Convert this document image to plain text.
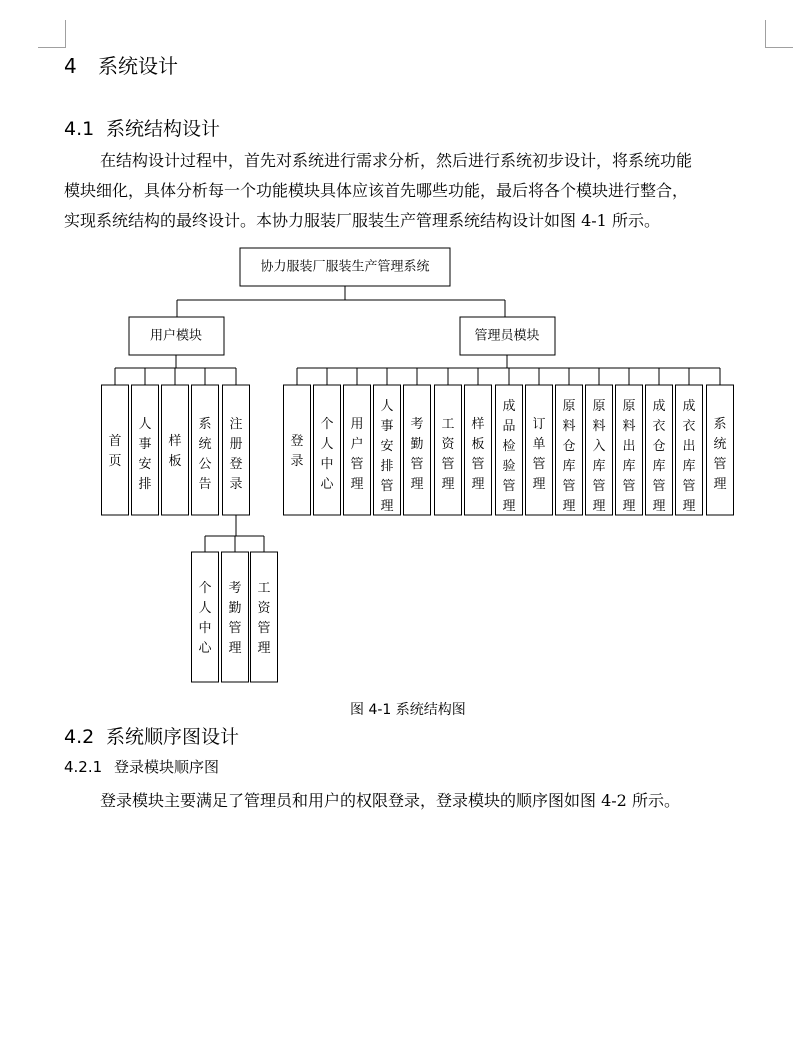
4 系统设计
4.1 系统结构设计
在结构设计过程中，首先对系统进行需求分析，然后进行系统初步设计，将系统功能
模块细化，具体分析每一个功能模块具体应该首先哪些功能，最后将各个模块进行整合，
实现系统结构的最终设计。本协力服装厂服装生产管理系统结构设计如图 4-1 所示。
协力服装厂服装生产管理系统
用户模块	管理员模块
首页
人事安排
样板
系统公告
注册登录
个人中心
考勤管理
工资管理
登录
个人中心
用户管理
人事安排管理
考勤管理
工资管理
样板管理
成品检验管理
订单管理
原料仓库管理
原料入库管理
原料出库管理
成衣仓库管理
成衣出库管理
系统管理
图 4-1 系统结构图
4.2 系统顺序图设计
4.2.1 登录模块顺序图
登录模块主要满足了管理员和用户的权限登录，登录模块的顺序图如图 4-2 所示。
